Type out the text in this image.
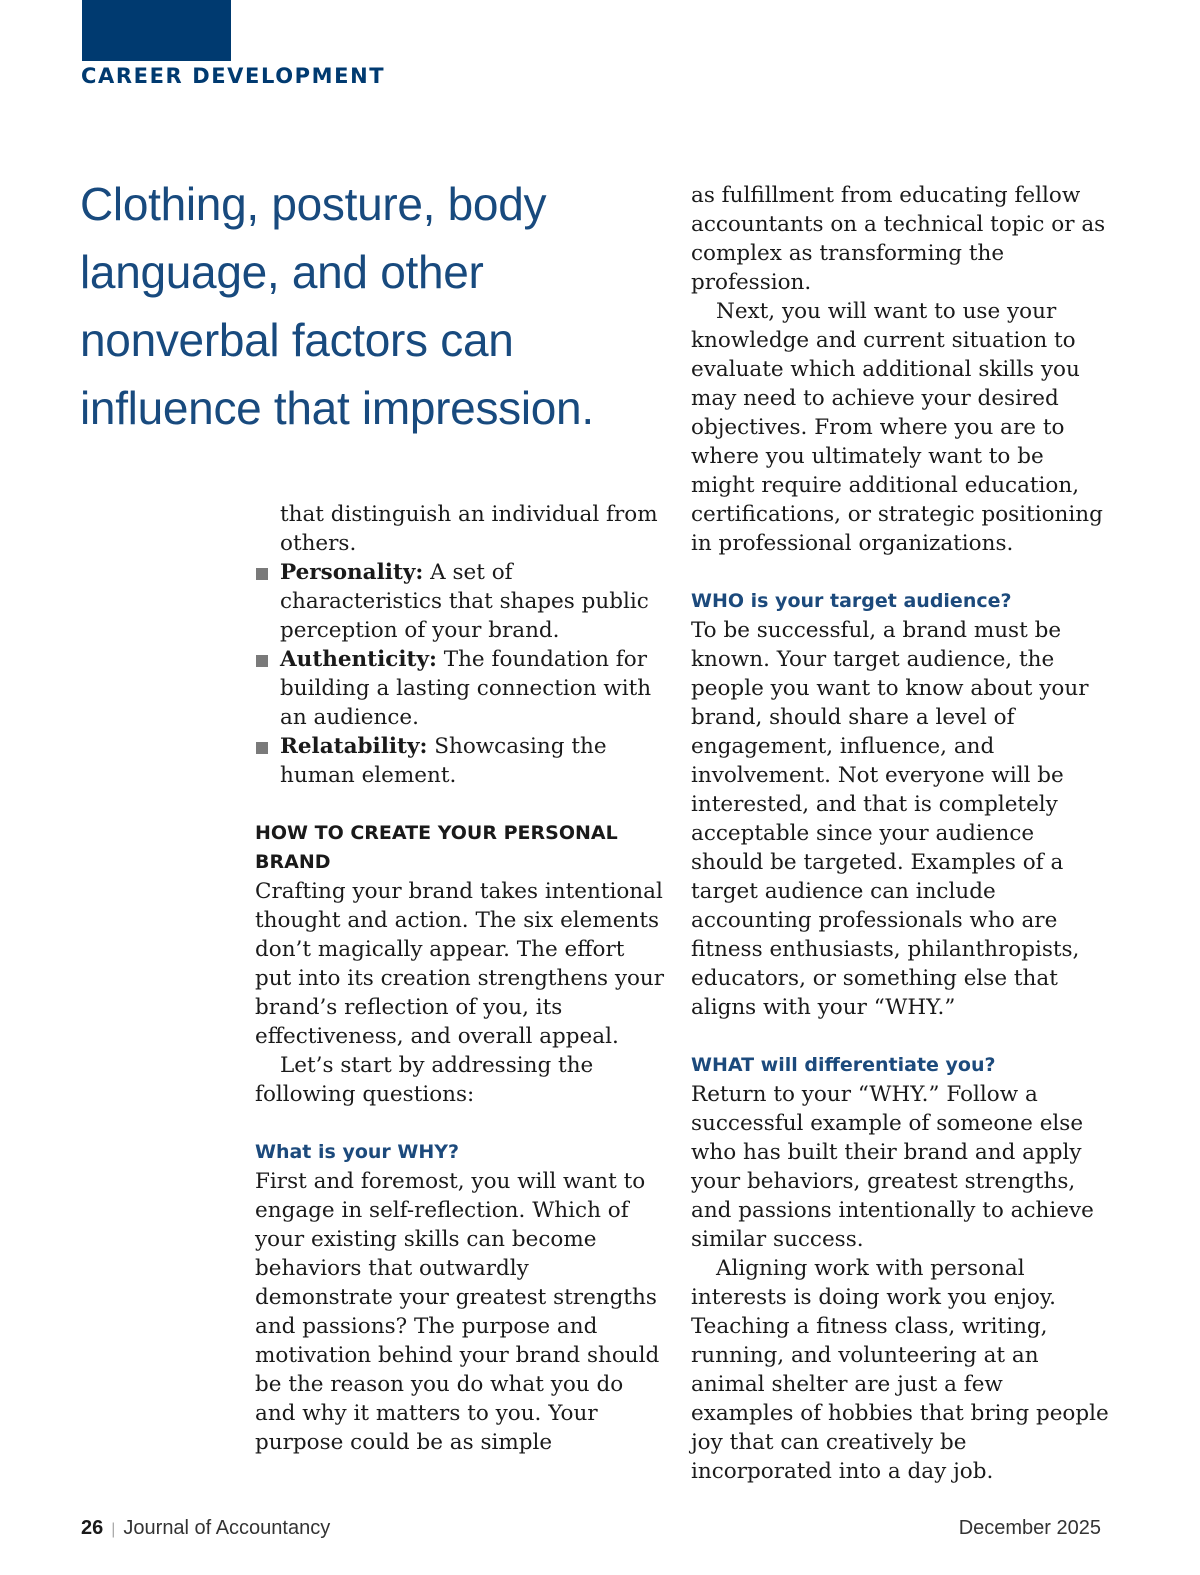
CAREER DEVELOPMENT
Clothing, posture, body language, and other nonverbal factors can influence that impression.

that distinguish an individual from others.

Personality: A set of characteristics that shapes public perception of your brand.
Authenticity: The foundation for building a lasting connection with an audience.
Relatability: Showcasing the human element.
HOW TO CREATE YOUR PERSONAL BRAND

Crafting your brand takes intentional thought and action. The six elements don’t magically appear. The effort put into its creation strengthens your brand’s reflection of you, its effectiveness, and overall appeal.

Let’s start by addressing the following questions:

What is your WHY?

First and foremost, you will want to engage in self-reflection. Which of your existing skills can become behaviors that outwardly demonstrate your greatest strengths and passions? The purpose and motivation behind your brand should be the reason you do what you do and why it matters to you. Your purpose could be as simple

as fulfillment from educating fellow accountants on a technical topic or as complex as transforming the profession.

Next, you will want to use your knowledge and current situation to evaluate which additional skills you may need to achieve your desired objectives. From where you are to where you ultimately want to be might require additional education, certifications, or strategic positioning in professional organizations.

WHO is your target audience?

To be successful, a brand must be known. Your target audience, the people you want to know about your brand, should share a level of engagement, influence, and involvement. Not everyone will be interested, and that is completely acceptable since your audience should be targeted. Examples of a target audience can include accounting professionals who are fitness enthusiasts, philanthropists, educators, or something else that aligns with your “WHY.”

WHAT will differentiate you?

Return to your “WHY.” Follow a successful example of someone else who has built their brand and apply your behaviors, greatest strengths, and passions intentionally to achieve similar success.

Aligning work with personal interests is doing work you enjoy. Teaching a fitness class, writing, running, and volunteering at an animal shelter are just a few examples of hobbies that bring people joy that can creatively be incorporated into a day job.

26 | Journal of Accountancy	December 2025
